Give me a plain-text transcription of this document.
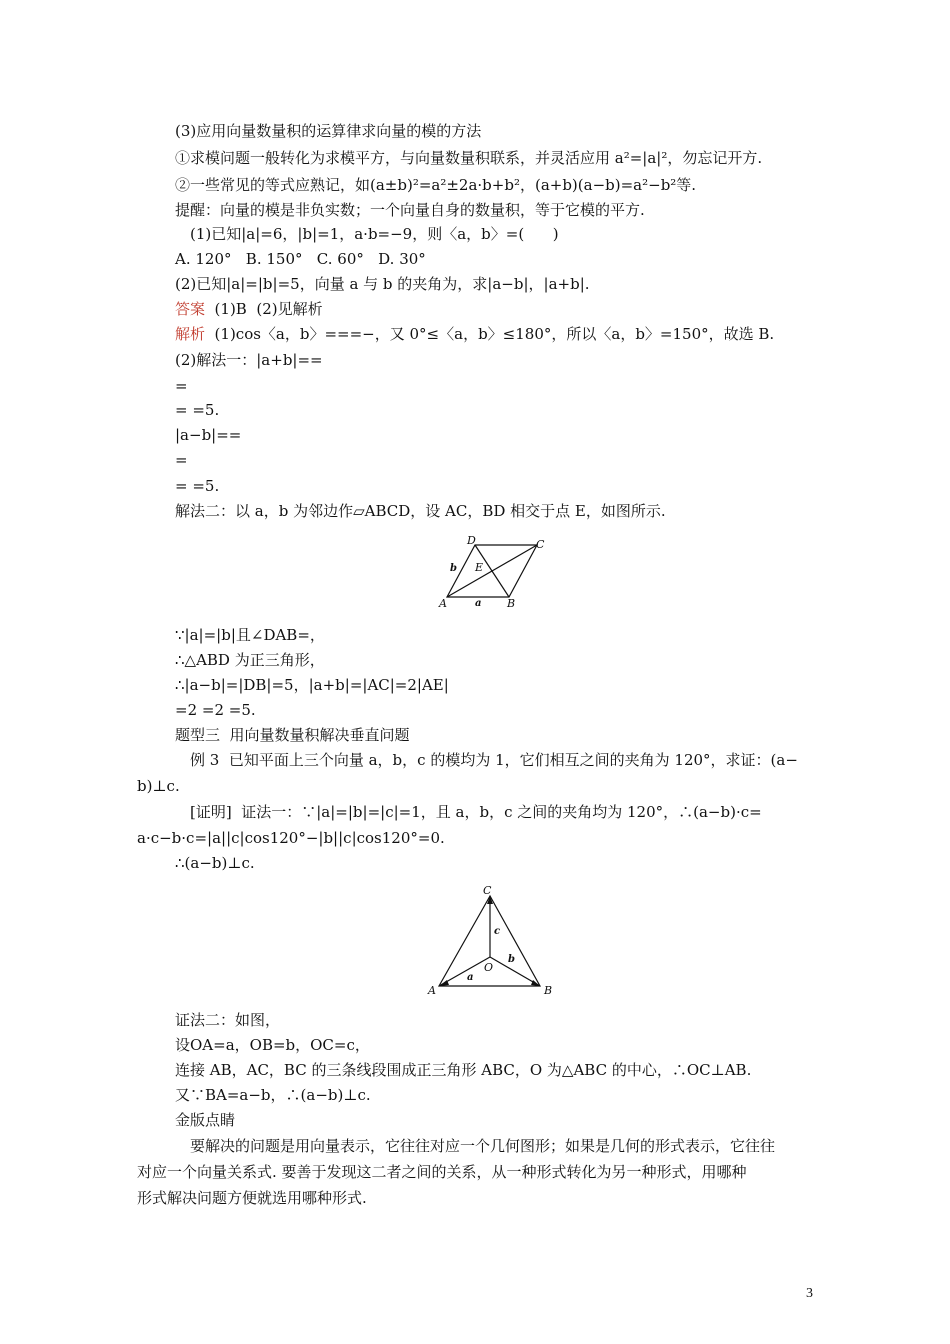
(3)应用向量数量积的运算律求向量的模的方法
①求模问题一般转化为求模平方，与向量数量积联系，并灵活应用 a²=|a|²，勿忘记开方.
②一些常见的等式应熟记，如(a±b)²=a²±2a·b+b²，(a+b)(a−b)=a²−b²等.
提醒：向量的模是非负实数；一个向量自身的数量积，等于它模的平方.
(1)已知|a|=6，|b|=1，a·b=−9，则〈a，b〉=(      )
A. 120°   B. 150°   C. 60°   D. 30°
(2)已知|a|=|b|=5，向量 a 与 b 的夹角为，求|a−b|，|a+b|.
答案  (1)B  (2)见解析
解析  (1)cos〈a，b〉===−，又 0°≤〈a，b〉≤180°，所以〈a，b〉=150°，故选 B.
(2)解法一：|a+b|==
=
= =5.
|a−b|==
=
= =5.
解法二：以 a，b 为邻边作▱ABCD，设 AC，BD 相交于点 E，如图所示.
A	B
C
D
E
a
b
∵|a|=|b|且∠DAB=，
∴△ABD 为正三角形，
∴|a−b|=|DB|=5，|a+b|=|AC|=2|AE|
=2 =2 =5.
题型三  用向量数量积解决垂直问题
例 3  已知平面上三个向量 a，b，c 的模均为 1，它们相互之间的夹角为 120°，求证：(a−
b)⊥c.
[证明]  证法一：∵|a|=|b|=|c|=1，且 a，b，c 之间的夹角均为 120°，∴(a−b)·c=
a·c−b·c=|a||c|cos120°−|b||c|cos120°=0.
∴(a−b)⊥c.
C
A	B
O
c
b
a
证法二：如图，
设OA=a，OB=b，OC=c，
连接 AB，AC，BC 的三条线段围成正三角形 ABC，O 为△ABC 的中心，∴OC⊥AB.
又∵BA=a−b，∴(a−b)⊥c.
金版点睛
要解决的问题是用向量表示，它往往对应一个几何图形；如果是几何的形式表示，它往往
对应一个向量关系式. 要善于发现这二者之间的关系，从一种形式转化为另一种形式，用哪种
形式解决问题方便就选用哪种形式.
3
